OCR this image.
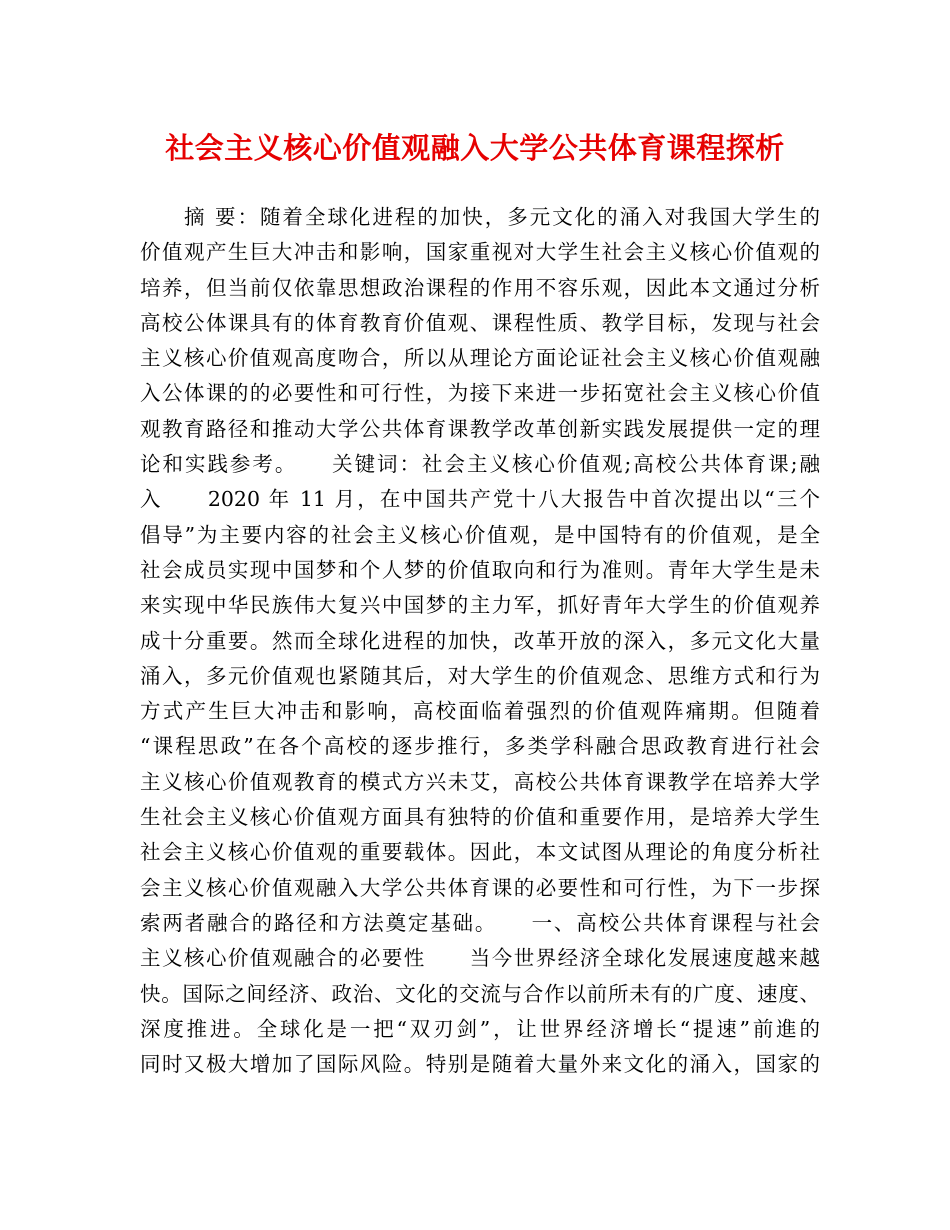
社会主义核心价值观融入大学公共体育课程探析
摘 要：随着全球化进程的加快，多元文化的涌入对我国大学生的
价值观产生巨大冲击和影响，国家重视对大学生社会主义核心价值观的
培养，但当前仅依靠思想政治课程的作用不容乐观，因此本文通过分析
高校公体课具有的体育教育价值观、课程性质、教学目标，发现与社会
主义核心价值观高度吻合，所以从理论方面论证社会主义核心价值观融
入公体课的的必要性和可行性，为接下来进一步拓宽社会主义核心价值
观教育路径和推动大学公共体育课教学改革创新实践发展提供一定的理
论和实践参考。　　关键词：社会主义核心价值观;高校公共体育课;融
入　　2020 年 11 月，在中国共产党十八大报告中首次提出以“三个
倡导”为主要内容的社会主义核心价值观，是中国特有的价值观，是全
社会成员实现中国梦和个人梦的价值取向和行为准则。青年大学生是未
来实现中华民族伟大复兴中国梦的主力军，抓好青年大学生的价值观养
成十分重要。然而全球化进程的加快，改革开放的深入，多元文化大量
涌入，多元价值观也紧随其后，对大学生的价值观念、思维方式和行为
方式产生巨大冲击和影响，高校面临着强烈的价值观阵痛期。但随着
“课程思政”在各个高校的逐步推行，多类学科融合思政教育进行社会
主义核心价值观教育的模式方兴未艾，高校公共体育课教学在培养大学
生社会主义核心价值观方面具有独特的价值和重要作用，是培养大学生
社会主义核心价值观的重要载体。因此，本文试图从理论的角度分析社
会主义核心价值观融入大学公共体育课的必要性和可行性，为下一步探
索两者融合的路径和方法奠定基础。　　一、高校公共体育课程与社会
主义核心价值观融合的必要性　　当今世界经济全球化发展速度越来越
快。国际之间经济、政治、文化的交流与合作以前所未有的广度、速度、
深度推进。全球化是一把“双刃剑”，让世界经济增长“提速”前進的
同时又极大增加了国际风险。特别是随着大量外来文化的涌入，国家的
